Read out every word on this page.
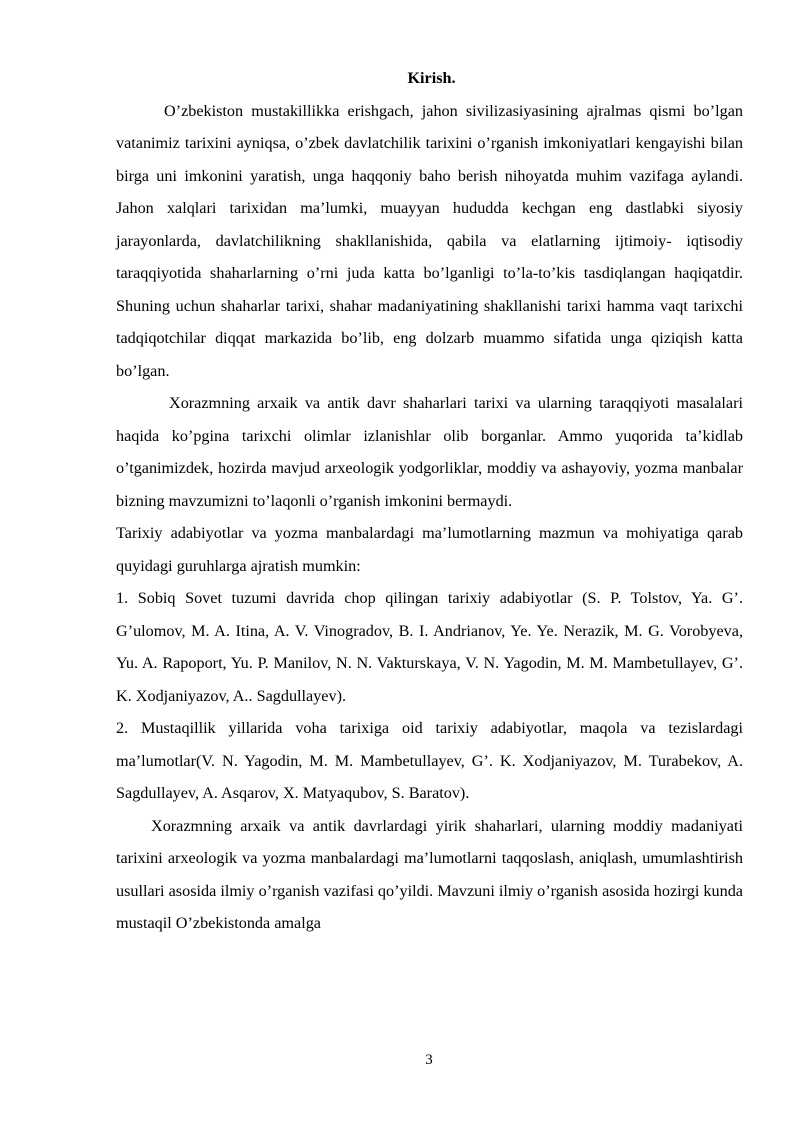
Kirish.

O’zbekiston mustakillikka erishgach, jahon sivilizasiyasining ajralmas qismi bo’lgan vatanimiz tarixini ayniqsa, o’zbek davlatchilik tarixini o’rganish imkoniyatlari kengayishi bilan birga uni imkonini yaratish, unga haqqoniy baho berish nihoyatda muhim vazifaga aylandi. Jahon xalqlari tarixidan ma’lumki, muayyan hududda kechgan eng dastlabki siyosiy jarayonlarda, davlatchilikning shakllanishida, qabila va elatlarning ijtimoiy- iqtisodiy taraqqiyotida shaharlarning o’rni juda katta bo’lganligi to’la-to’kis tasdiqlangan haqiqatdir. Shuning uchun shaharlar tarixi, shahar madaniyatining shakllanishi tarixi hamma vaqt tarixchi tadqiqotchilar diqqat markazida bo’lib, eng dolzarb muammo sifatida unga qiziqish katta bo’lgan.

Xorazmning arxaik va antik davr shaharlari tarixi va ularning taraqqiyoti masalalari haqida ko’pgina tarixchi olimlar izlanishlar olib borganlar. Ammo yuqorida ta’kidlab o’tganimizdek, hozirda mavjud arxeologik yodgorliklar, moddiy va ashayoviy, yozma manbalar bizning mavzumizni to’laqonli o’rganish imkonini bermaydi.

Tarixiy adabiyotlar va yozma manbalardagi ma’lumotlarning mazmun va mohiyatiga qarab quyidagi guruhlarga ajratish mumkin:

1. Sobiq Sovet tuzumi davrida chop qilingan tarixiy adabiyotlar (S. P. Tolstov, Ya. G’. G’ulomov, M. A. Itina, A. V. Vinogradov, B. I. Andrianov, Ye. Ye. Nerazik, M. G. Vorobyeva, Yu. A. Rapoport, Yu. P. Manilov, N. N. Vakturskaya, V. N. Yagodin, M. M. Mambetullayev, G’. K. Xodjaniyazov, A.. Sagdullayev).

2. Mustaqillik yillarida voha tarixiga oid tarixiy adabiyotlar, maqola va tezislardagi ma’lumotlar(V. N. Yagodin, M. M. Mambetullayev, G’. K. Xodjaniyazov, M. Turabekov, A. Sagdullayev, A. Asqarov, X. Matyaqubov, S. Baratov).

Xorazmning arxaik va antik davrlardagi yirik shaharlari, ularning moddiy madaniyati tarixini arxeologik va yozma manbalardagi ma’lumotlarni taqqoslash, aniqlash, umumlashtirish usullari asosida ilmiy o’rganish vazifasi qo’yildi. Mavzuni ilmiy o’rganish asosida hozirgi kunda mustaqil O’zbekistonda amalga

3
